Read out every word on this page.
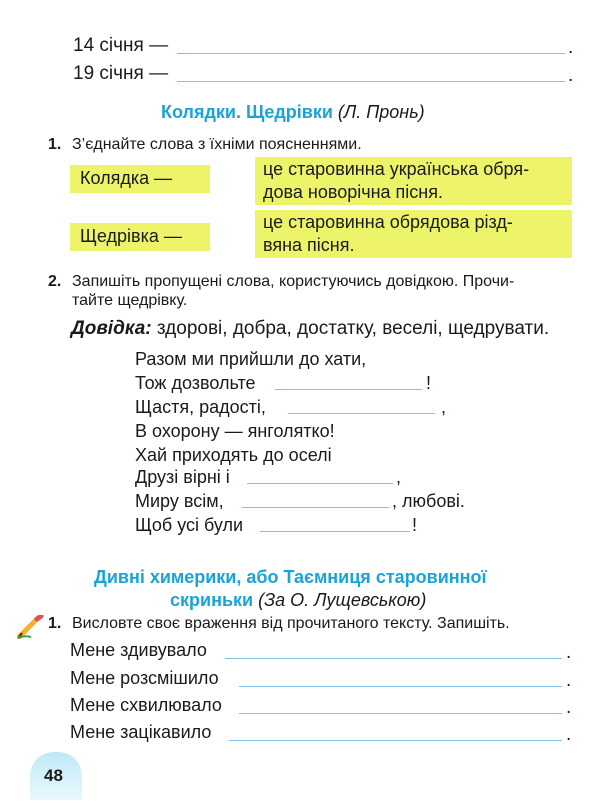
14 січня —	.
19 січня —	.
Колядки. Щедрівки (Л. Пронь)
1. З’єднайте слова з їхніми поясненнями.
Колядка —	це старовинна українська обря-
дова новорічна пісня.
Щедрівка —
це старовинна обрядова різд-
вяна пісня.
2. Запишіть пропущені слова, користуючись довідкою. Прочи-
тайте щедрівку.
Довідка: здорові, добра, достатку, веселі, щедрувати.
Разом ми прийшли до хати,
Тож дозвольте	!
Щастя, радості,	,
В охорону — янголятко!
Хай приходять до оселі
Друзі вірні і	,
Миру всім,	, любові.
Щоб усі були	!
Дивні химерики, або Таємниця старовинної
скриньки (За О. Лущевською)
1. Висловте своє враження від прочитаного тексту. Запишіть.
Мене здивувало	.
Мене розсмішило	.
Мене схвилювало	.
Мене зацікавило	.
48
